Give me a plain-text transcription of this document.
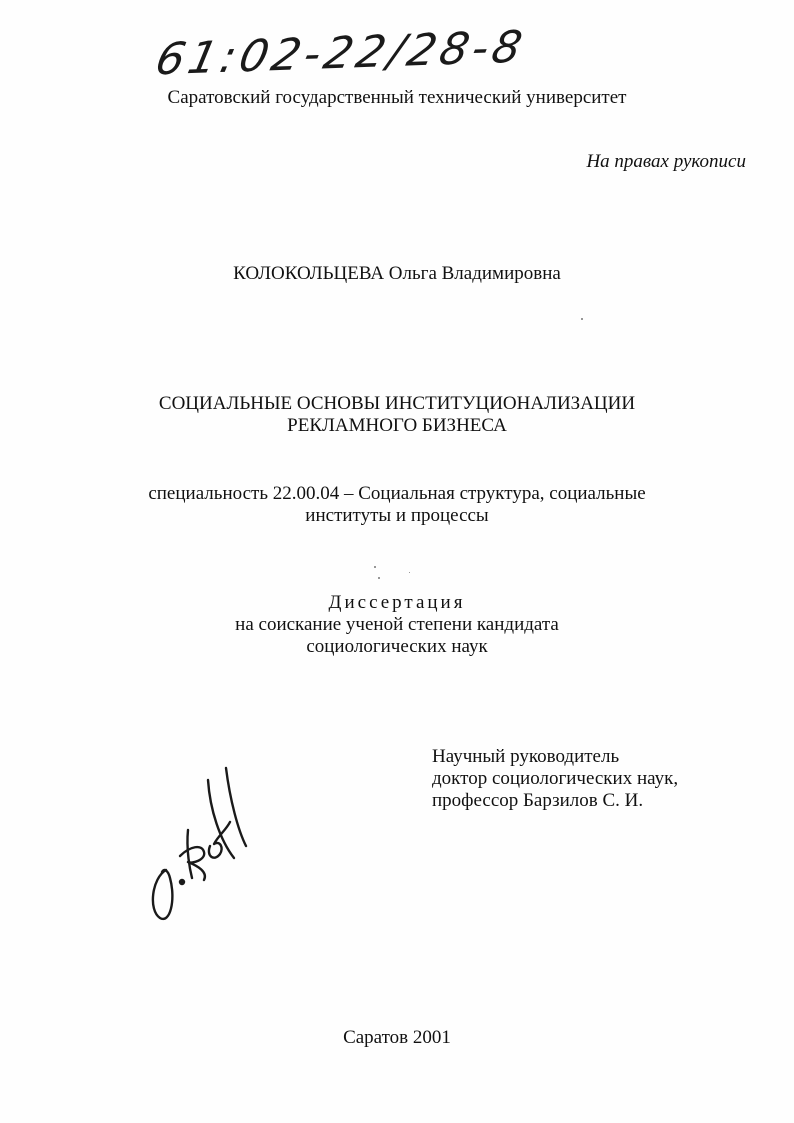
61:02-22/28-8
Саратовский государственный технический университет
На правах рукописи
КОЛОКОЛЬЦЕВА Ольга Владимировна
СОЦИАЛЬНЫЕ ОСНОВЫ ИНСТИТУЦИОНАЛИЗАЦИИ
РЕКЛАМНОГО БИЗНЕСА
специальность 22.00.04 – Социальная структура, социальные
институты и процессы
Диссертация
на соискание ученой степени кандидата
социологических наук
Научный руководитель
доктор социологических наук,
профессор Барзилов С. И.
Саратов 2001
